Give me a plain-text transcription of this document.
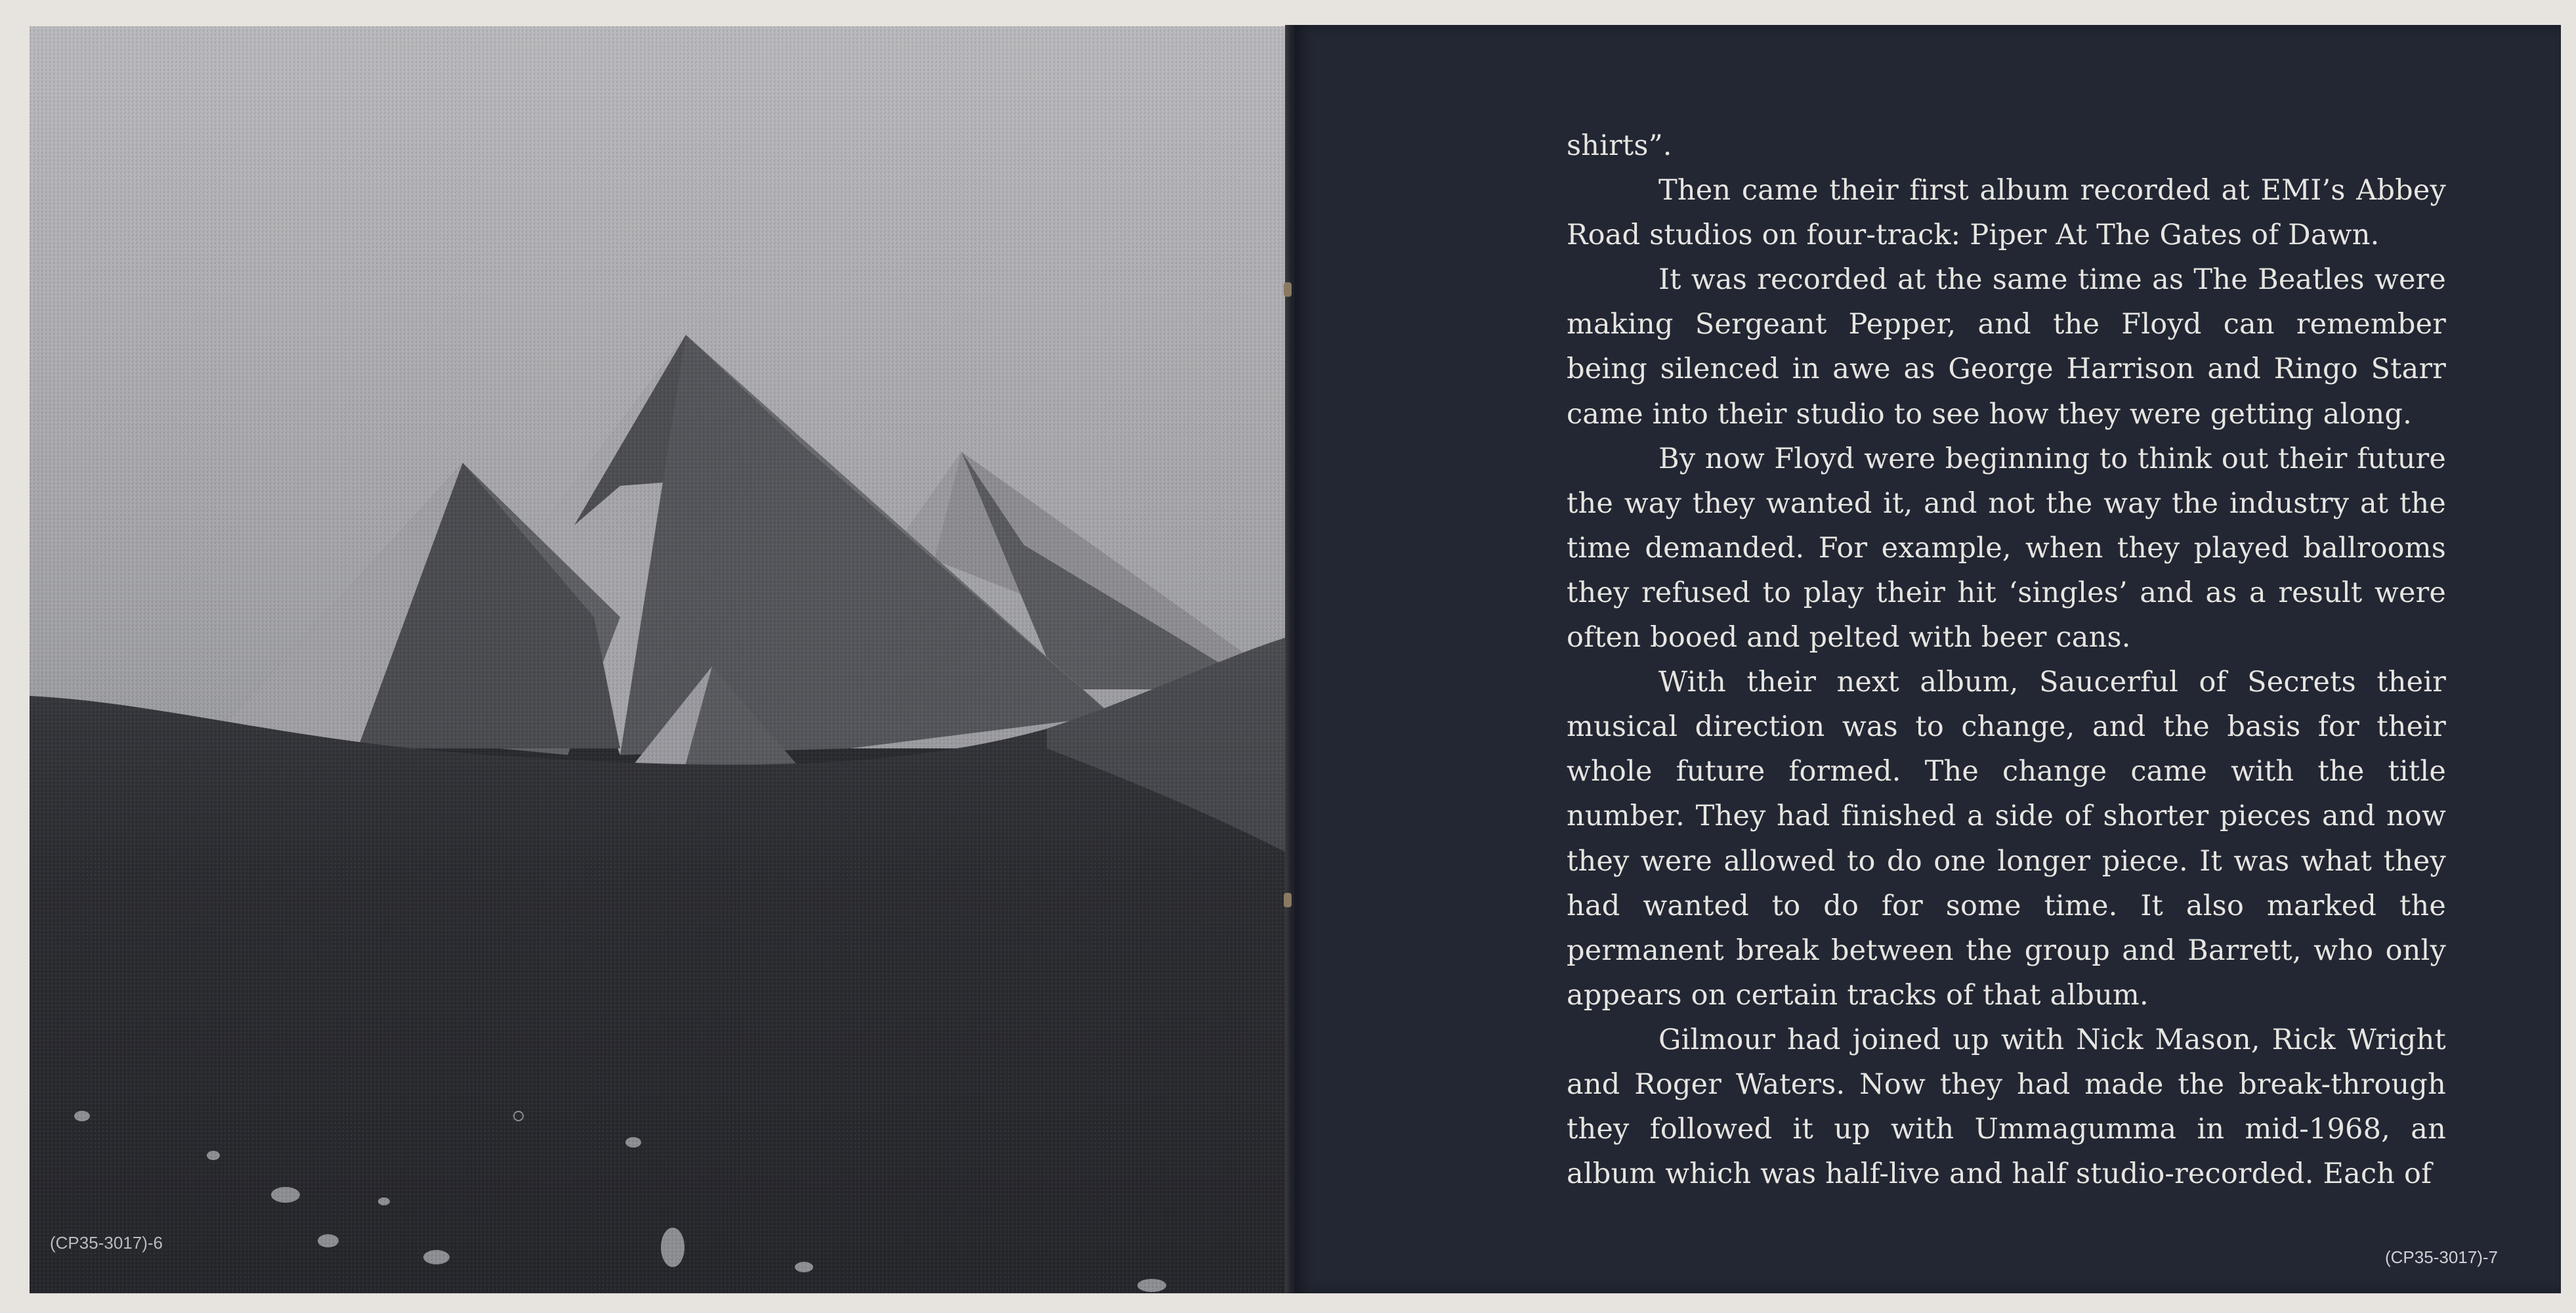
(CP35-3017)-6

shirts”.

Then came their first album recorded at EMI’s Abbey Road studios on four-track: Piper At The Gates of Dawn.

It was recorded at the same time as The Beatles were making Sergeant Pepper, and the Floyd can remember being silenced in awe as George Harrison and Ringo Starr came into their studio to see how they were getting along.

By now Floyd were beginning to think out their future the way they wanted it, and not the way the industry at the time demanded. For example, when they played ballrooms they refused to play their hit ‘singles’ and as a result were often booed and pelted with beer cans.

With their next album, Saucerful of Secrets their musical direction was to change, and the basis for their whole future formed. The change came with the title number. They had finished a side of shorter pieces and now they were allowed to do one longer piece. It was what they had wanted to do for some time. It also marked the permanent break between the group and Barrett, who only appears on certain tracks of that album.

Gilmour had joined up with Nick Mason, Rick Wright and Roger Waters. Now they had made the break-through they followed it up with Ummagumma in mid-1968, an album which was half-live and half studio-recorded. Each of

(CP35-3017)-7
